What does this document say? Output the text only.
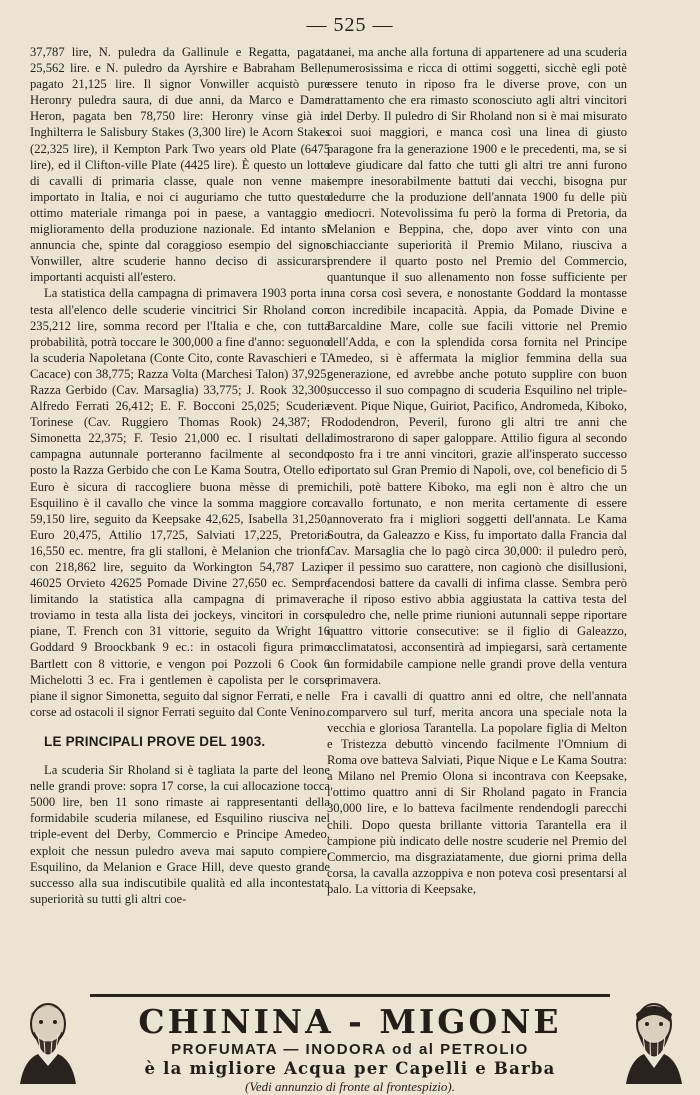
— 525 —

37,787 lire, N. puledra da Gallinule e Regatta, pagata 25,562 lire. e N. puledro da Ayrshire e Babraham Belle, pagato 21,125 lire. Il signor Vonwiller acquistò pure Heronry puledra saura, di due anni, da Marco e Dame Heron, pagata ben 78,750 lire: Heronry vinse già in Inghilterra le Salisbury Stakes (3,300 lire) le Acorn Stakes (22,325 lire), il Kempton Park Two years old Plate (6475 lire), ed il Clifton-ville Plate (4425 lire). È questo un lotto di cavalli di primaria classe, quale non venne mai importato in Italia, e noi ci auguriamo che tutto questo ottimo materiale rimanga poi in paese, a vantaggio e miglioramento della produzione nazionale. Ed intanto si annuncia che, spinte dal coraggioso esempio del signor Vonwiller, altre scuderie hanno deciso di assicurarsi importanti acquisti all'estero.

La statistica della campagna di primavera 1903 porta in testa all'elenco delle scuderie vincitrici Sir Rholand con 235,212 lire, somma record per l'Italia e che, con tutta probabilità, potrà toccare le 300,000 a fine d'anno: seguono la scuderia Napoletana (Conte Cito, conte Ravaschieri e T. Cacace) con 38,775; Razza Volta (Marchesi Talon) 37,925: Razza Gerbido (Cav. Marsaglia) 33,775; J. Rook 32,300; Alfredo Ferrati 26,412; E. F. Bocconi 25,025; Scuderia Torinese (Cav. Ruggiero Thomas Rook) 24,387; F. Simonetta 22,375; F. Tesio 21,000 ec. I risultati della campagna autunnale porteranno facilmente al secondo posto la Razza Gerbido che con Le Kama Soutra, Otello ed Euro è sicura di raccogliere buona mèsse di premi. Esquilino è il cavallo che vince la somma maggiore con 59,150 lire, seguito da Keepsake 42,625, Isabella 31,250, Euro 20,475, Attilio 17,725, Salviati 17,225, Pretoria 16,550 ec. mentre, fra gli stalloni, è Melanion che trionfa con 218,862 lire, seguito da Workington 54,787 Lazio 46025 Orvieto 42625 Pomade Divine 27,650 ec. Sempre limitando la statistica alla campagna di primavera, troviamo in testa alla lista dei jockeys, vincitori in corse piane, T. French con 31 vittorie, seguito da Wright 16 Goddard 9 Broockbank 9 ec.: in ostacoli figura primo Bartlett con 8 vittorie, e vengon poi Pozzoli 6 Cook 6 Michelotti 3 ec. Fra i gentlemen è capolista per le corse piane il signor Simonetta, seguito dal signor Ferrati, e nelle corse ad ostacoli il signor Ferrati seguito dal Conte Venino.

LE PRINCIPALI PROVE DEL 1903.

La scuderia Sir Rholand si è tagliata la parte del leone nelle grandi prove: sopra 17 corse, la cui allocazione tocca 5000 lire, ben 11 sono rimaste ai rappresentanti della formidabile scuderia milanese, ed Esquilino riusciva nel triple-event del Derby, Commercio e Principe Amedeo, exploit che nessun puledro aveva mai saputo compiere. Esquilino, da Melanion e Grace Hill, deve questo grande successo alla sua indiscutibile qualità ed alla incontestata superiorità su tutti gli altri coe-

tanei, ma anche alla fortuna di appartenere ad una scuderia numerosissima e ricca di ottimi soggetti, sicchè egli potè essere tenuto in riposo fra le diverse prove, con un trattamento che era rimasto sconosciuto agli altri vincitori del Derby. Il puledro di Sir Rholand non si è mai misurato coi suoi maggiori, e manca così una linea di giusto paragone fra la generazione 1900 e le precedenti, ma, se si deve giudicare dal fatto che tutti gli altri tre anni furono sempre inesorabilmente battuti dai vecchi, bisogna pur dedurre che la produzione dell'annata 1900 fu delle più mediocri. Notevolissima fu però la forma di Pretoria, da Melanion e Beppina, che, dopo aver vinto con una schiacciante superiorità il Premio Milano, riusciva a prendere il quarto posto nel Premio del Commercio, quantunque il suo allenamento non fosse sufficiente per una corsa così severa, e nonostante Goddard la montasse con incredibile incapacità. Appia, da Pomade Divine e Barcaldine Mare, colle sue facili vittorie nel Premio dell'Adda, e con la splendida corsa fornita nel Principe Amedeo, si è affermata la miglior femmina della sua generazione, ed avrebbe anche potuto supplire con buon successo il suo compagno di scuderia Esquilino nel triple-event. Pique Nique, Guiriot, Pacifico, Andromeda, Kiboko, Rododendron, Peveril, furono gli altri tre anni che dimostrarono di saper galoppare. Attilio figura al secondo posto fra i tre anni vincitori, grazie all'insperato successo riportato sul Gran Premio di Napoli, ove, col beneficio di 5 chili, potè battere Kiboko, ma egli non è altro che un cavallo fortunato, e non merita certamente di essere annoverato fra i migliori soggetti dell'annata. Le Kama Soutra, da Galeazzo e Kiss, fu importato dalla Francia dal Cav. Marsaglia che lo pagò circa 30,000: il puledro però, per il pessimo suo carattere, non cagionò che disillusioni, facendosi battere da cavalli di infima classe. Sembra però che il riposo estivo abbia aggiustata la cattiva testa del puledro che, nelle prime riunioni autunnali seppe riportare quattro vittorie consecutive: se il figlio di Galeazzo, acclimatatosi, acconsentirà ad impiegarsi, sarà certamente un formidabile campione nelle grandi prove della ventura primavera.

Fra i cavalli di quattro anni ed oltre, che nell'annata comparvero sul turf, merita ancora una speciale nota la vecchia e gloriosa Tarantella. La popolare figlia di Melton e Tristezza debuttò vincendo facilmente l'Omnium di Roma ove batteva Salviati, Pique Nique e Le Kama Soutra: a Milano nel Premio Olona si incontrava con Keepsake, l'ottimo quattro anni di Sir Rholand pagato in Francia 30,000 lire, e lo batteva facilmente rendendogli parecchi chili. Dopo questa brillante vittoria Tarantella era il campione più indicato delle nostre scuderie nel Premio del Commercio, ma disgraziatamente, due giorni prima della corsa, la cavalla azzoppiva e non poteva così presentarsi al palo. La vittoria di Keepsake,

CHININA - MIGONE
PROFUMATA — INODORA od al PETROLIO
è la migliore Acqua per Capelli e Barba
(Vedi annunzio di fronte al frontespizio).
